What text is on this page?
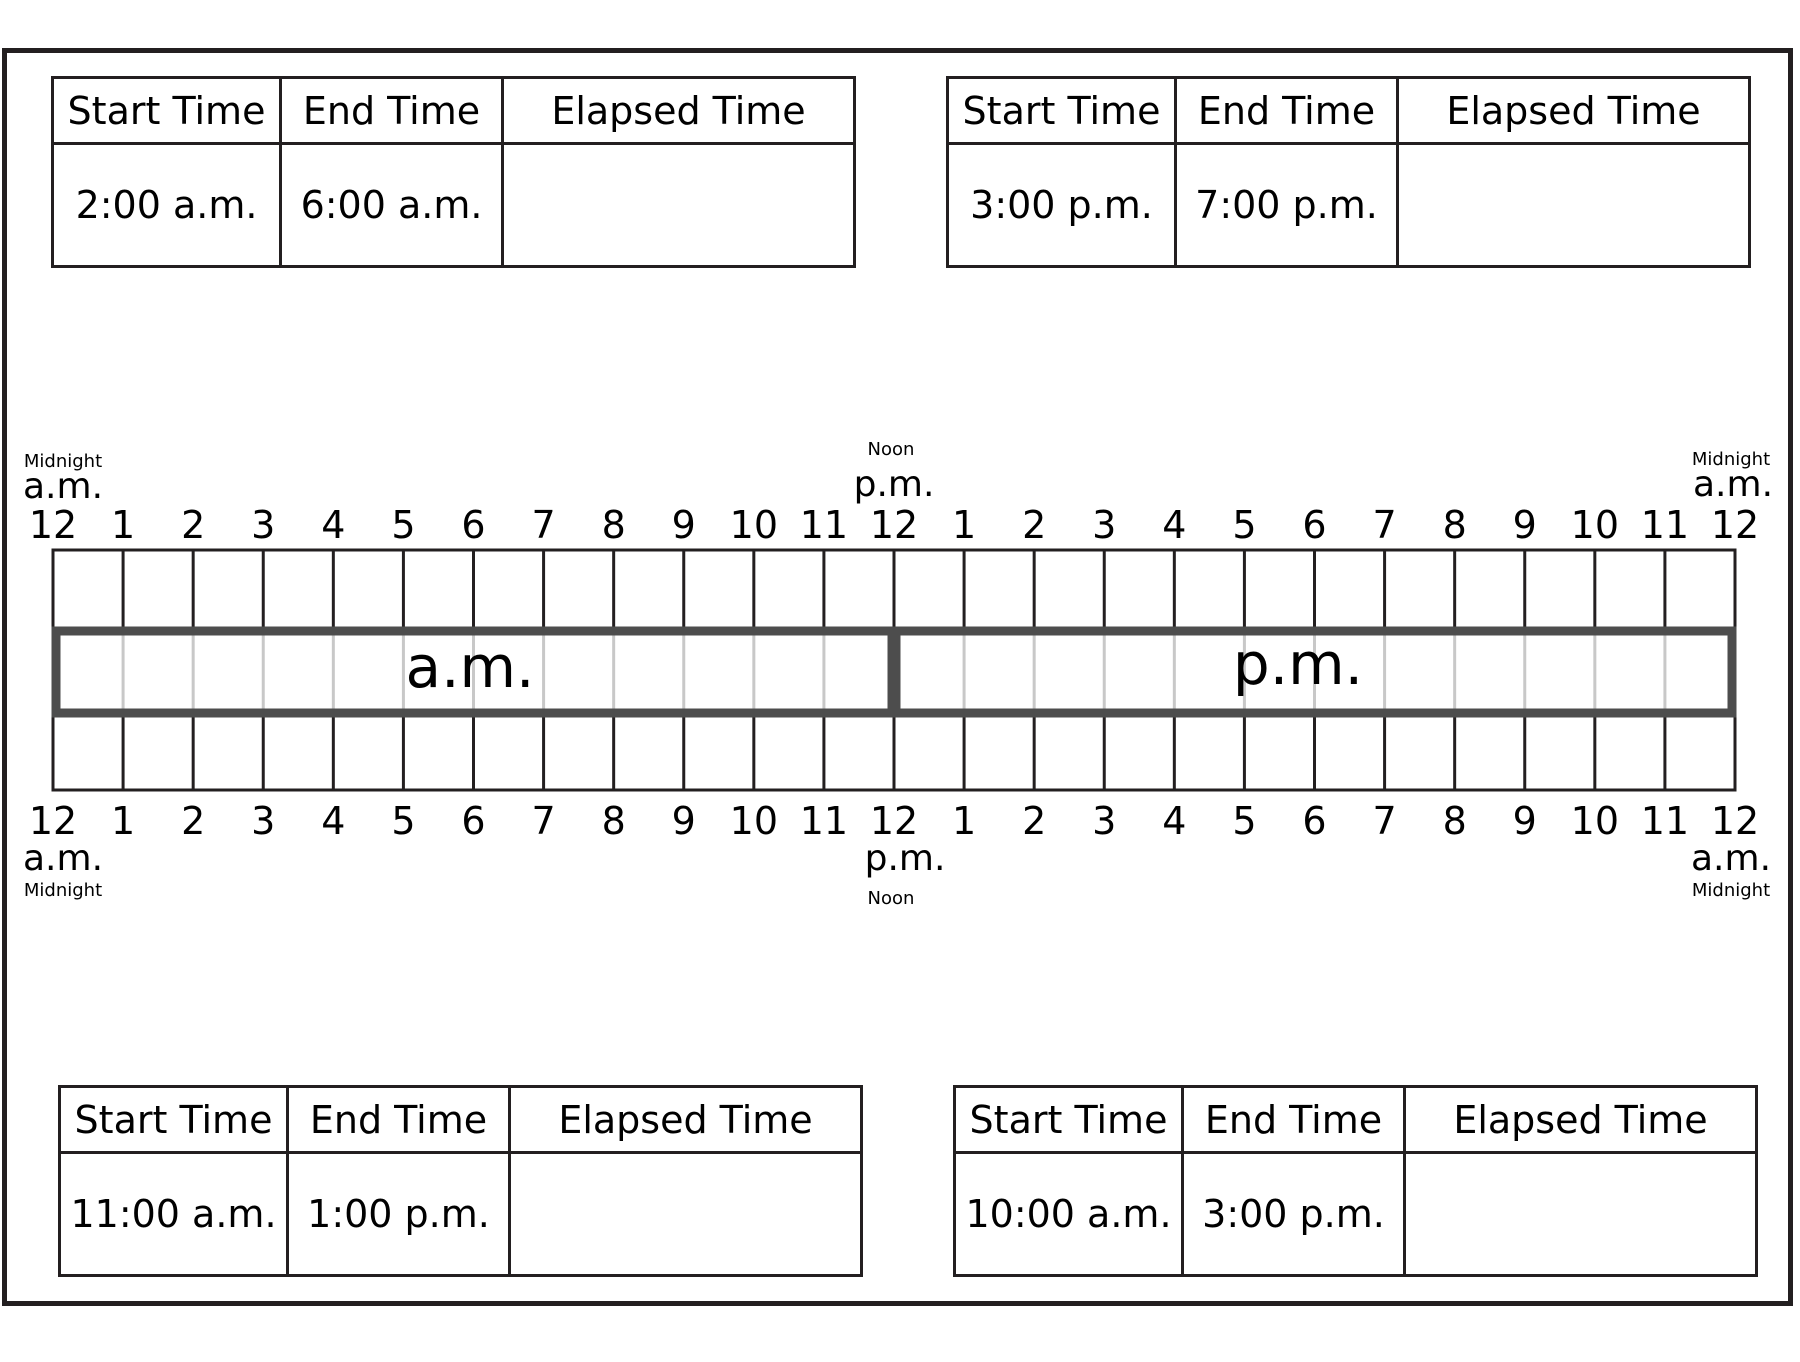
Start Time	End Time	Elapsed Time
2:00 a.m.	6:00 a.m.	
Start Time	End Time	Elapsed Time
3:00 p.m.	7:00 p.m.	
Start Time	End Time	Elapsed Time
11:00 a.m.	1:00 p.m.	
Start Time	End Time	Elapsed Time
10:00 a.m.	3:00 p.m.	
12 1 2 3 4 5 6 7 8 9 10 11 12 1 2 3 4 5 6 7 8 9 10 11 12
12 1 2 3 4 5 6 7 8 9 10 11 12 1 2 3 4 5 6 7 8 9 10 11 12
a.m.	p.m.
Midnight
a.m.
Noon
p.m.
Midnight
a.m.
a.m.
Midnight
p.m.
Noon
a.m.
Midnight
